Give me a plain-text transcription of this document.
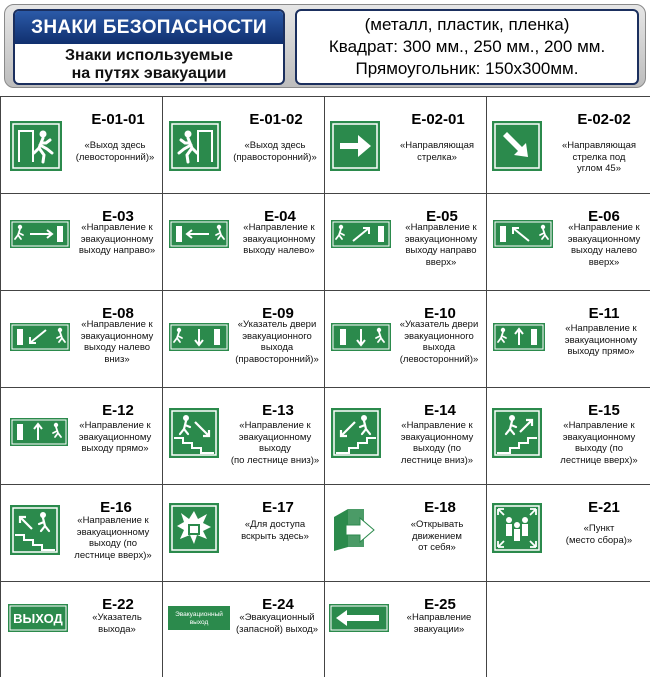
ЗНАКИ БЕЗОПАСНОСТИ
Знаки используемые
на путях эвакуации
(металл, пластик, пленка)
Квадрат: 300 мм., 250 мм., 200 мм.
Прямоугольник: 150х300мм.
Е-01-01
«Выход здесь
(левосторонний)»
Е-01-02
«Выход здесь
(правосторонний)»
Е-02-01
«Направляющая
стрелка»
Е-02-02
«Направляющая
стрелка под
углом 45»
Е-03
«Направление к
эвакуационному
выходу направо»
Е-04
«Направление к
эвакуационному
выходу налево»
Е-05
«Направление к
эвакуационному
выходу направо
вверх»
Е-06
«Направление к
эвакуационному
выходу налево
вверх»
Е-08
«Направление к
эвакуационному
выходу налево
вниз»
Е-09
«Указатель двери
эвакуационного
выхода
(правосторонний)»
Е-10
«Указатель двери
эвакуационного
выхода
(левосторонний)»
Е-11
«Направление к
эвакуационному
выходу прямо»
Е-12
«Направление к
эвакуационному
выходу прямо»
Е-13
«Направление к
эвакуационному
выходу
(по лестнице вниз)»
Е-14
«Направление к
эвакуационному
выходу (по
лестнице вниз)»
Е-15
«Направление к
эвакуационному
выходу (по
лестнице вверх)»
Е-16
«Направление к
эвакуационному
выходу (по
лестнице вверх)»
Е-17
«Для доступа
вскрыть здесь»
Е-18
«Открывать
движением
от себя»
Е-21
«Пункт
(место сбора)»
ВЫХОД
Е-22
«Указатель
выхода»
Эвакуационный
выход
Е-24
«Эвакуационный
(запасной) выход»
Е-25
«Направление
эвакуации»
